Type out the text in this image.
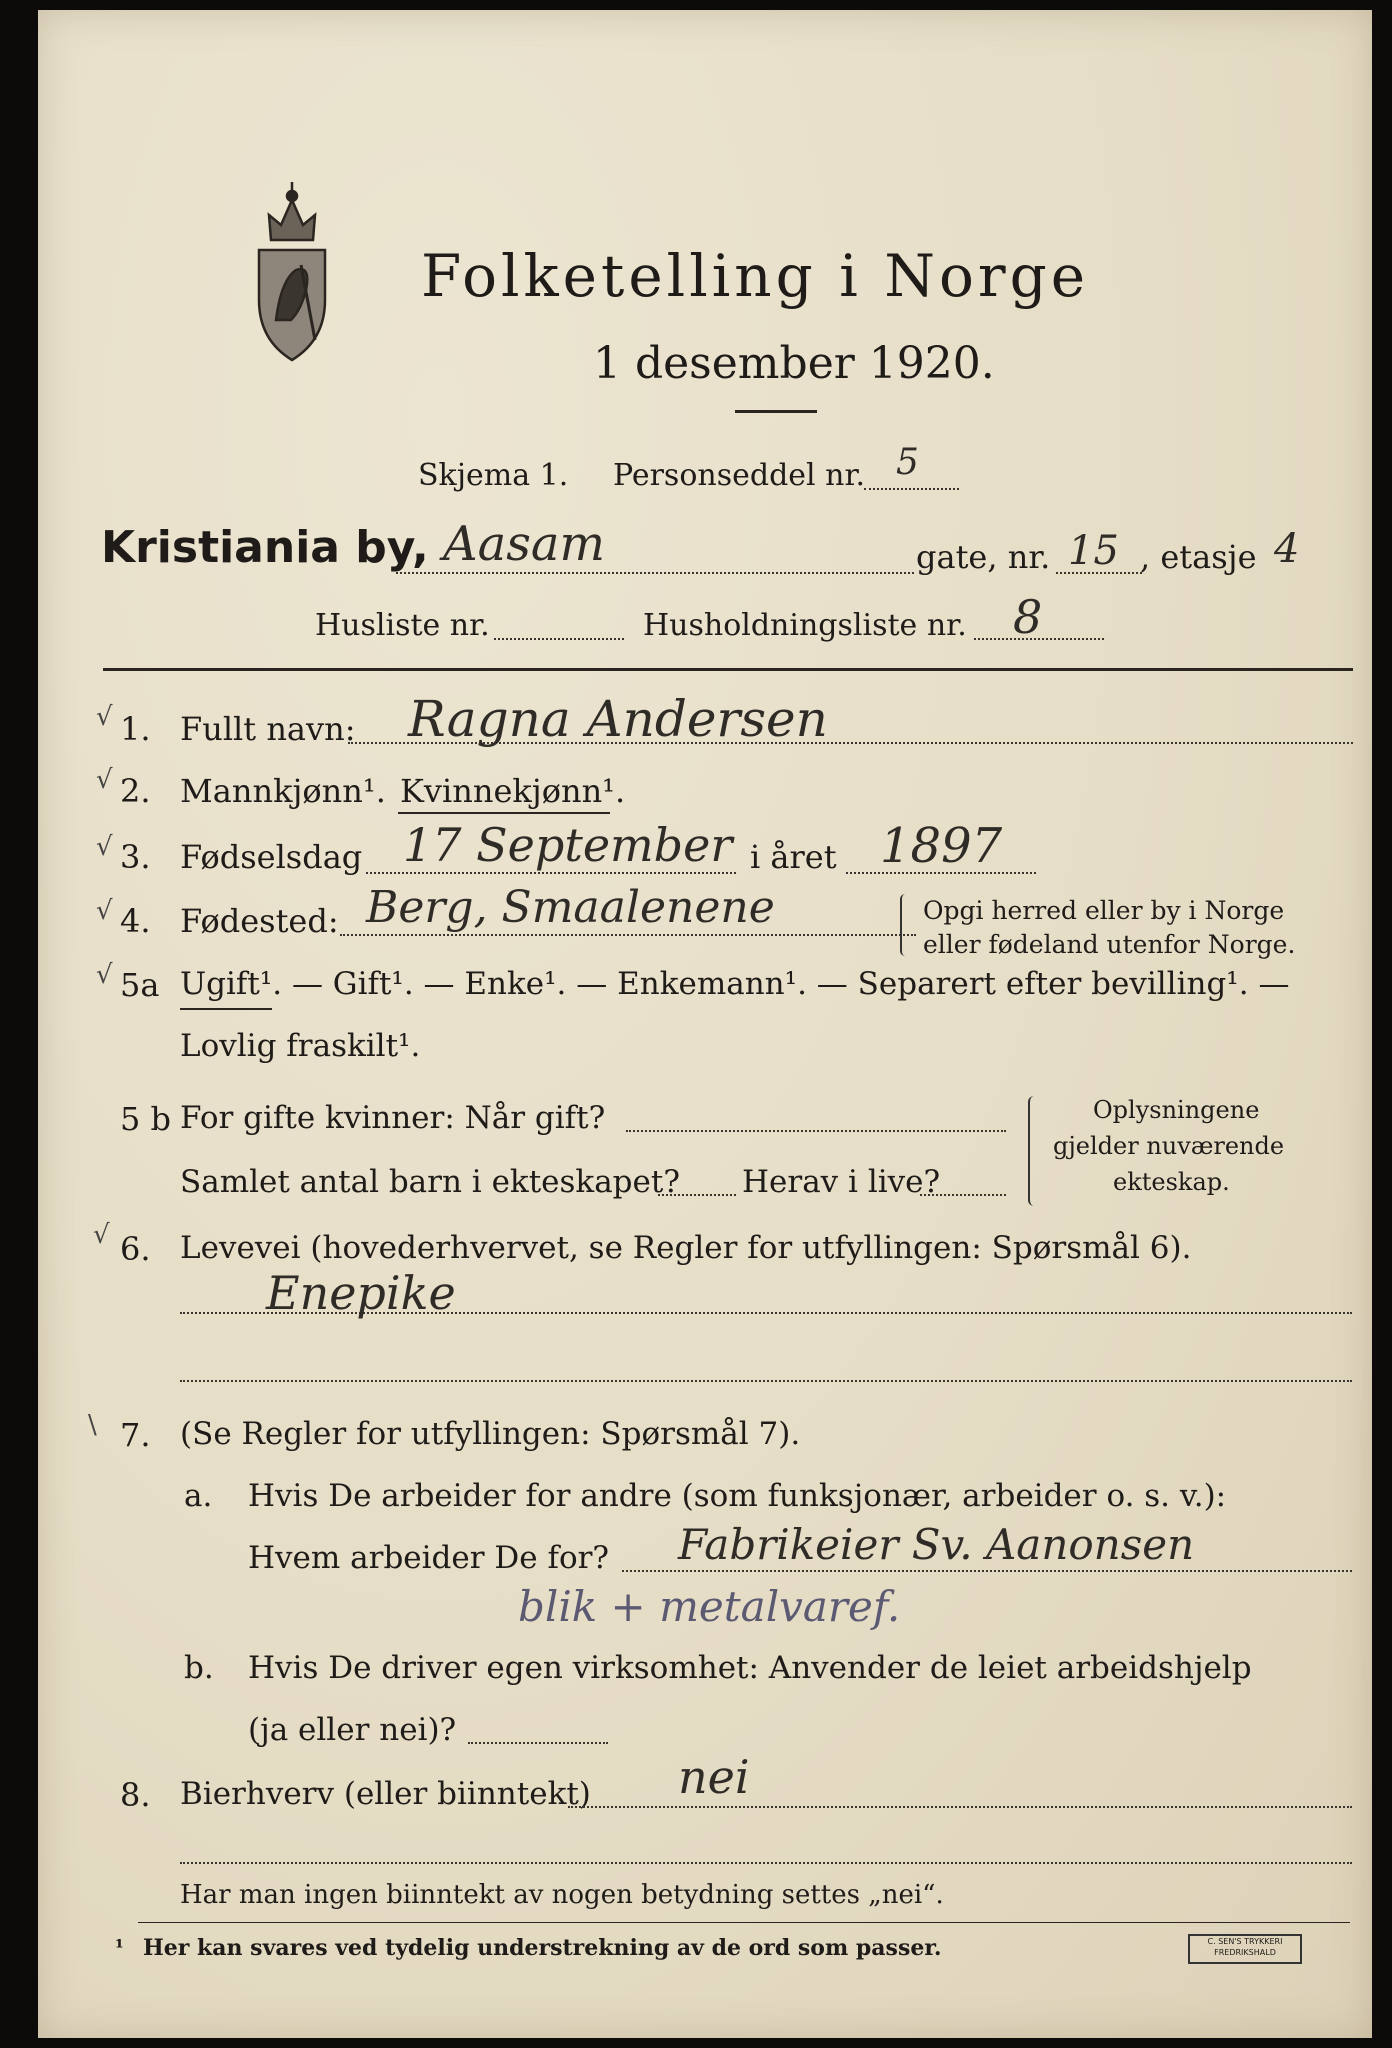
Folketelling i Norge
1 desember 1920.
Skjema 1. Personseddel nr. 5
Kristiania by, Aasam	gate, nr. 15 , etasje 4
Husliste nr.	Husholdningsliste nr. 8
√ 1. Fullt navn: Ragna Andersen
√ 2. Mannkjønn¹. Kvinnekjønn¹.
√ 3. Fødselsdag 17 September i året 1897
√ 4. Fødested: Berg, Smaalenene	Opgi herred eller by i Norge
eller fødeland utenfor Norge.
√ 5a Ugift¹. — Gift¹. — Enke¹. — Enkemann¹. — Separert efter bevilling¹. —
Lovlig fraskilt¹.
5 b For gifte kvinner: Når gift?
Samlet antal barn i ekteskapet? Herav i live?
Oplysningene
gjelder nuværende
ekteskap.
√ 6. Levevei (hovederhvervet, se Regler for utfyllingen: Spørsmål 6).
Enepike
\ 7. (Se Regler for utfyllingen: Spørsmål 7).
a. Hvis De arbeider for andre (som funksjonær, arbeider o. s. v.):
Hvem arbeider De for? Fabrikeier Sv. Aanonsen
blik + metalvaref.
b. Hvis De driver egen virksomhet: Anvender de leiet arbeidshjelp
(ja eller nei)?
8. Bierhverv (eller biinntekt) nei
Har man ingen biinntekt av nogen betydning settes „nei“.
¹ Her kan svares ved tydelig understrekning av de ord som passer.	C. SEN'S TRYKKERI
FREDRIKSHALD
